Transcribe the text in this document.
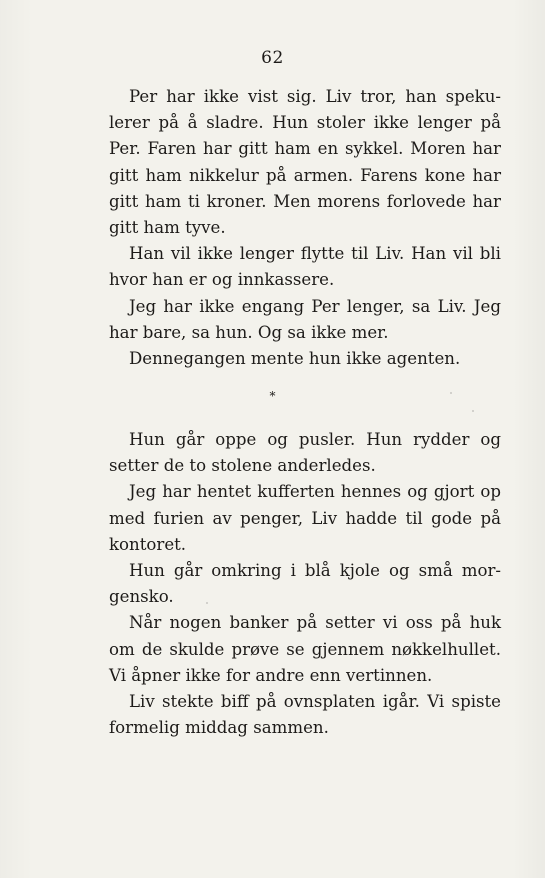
62

Per har ikke vist sig. Liv tror, han spekulerer på å sladre. Hun stoler ikke lenger på Per. Faren har gitt ham en sykkel. Moren har gitt ham nikkelur på armen. Farens kone har gitt ham ti kroner. Men morens forlovede har gitt ham tyve.

Han vil ikke lenger flytte til Liv. Han vil bli hvor han er og innkassere.

Jeg har ikke engang Per lenger, sa Liv. Jeg har bare, sa hun. Og sa ikke mer.

Dennegangen mente hun ikke agenten.

*

Hun går oppe og pusler. Hun rydder og setter de to stolene anderledes.

Jeg har hentet kufferten hennes og gjort op med furien av penger, Liv hadde til gode på kontoret.

Hun går omkring i blå kjole og små morgensko.

Når nogen banker på setter vi oss på huk om de skulde prøve se gjennem nøkkelhullet. Vi åpner ikke for andre enn vertinnen.

Liv stekte biff på ovnsplaten igår. Vi spiste formelig middag sammen.
